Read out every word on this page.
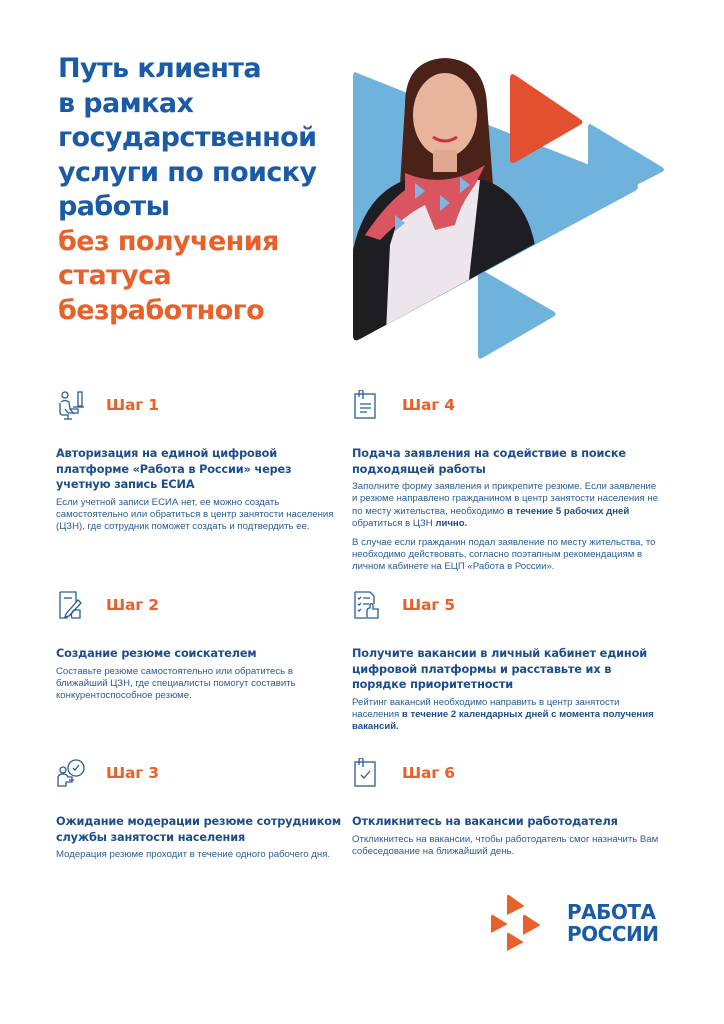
Путь клиента
в рамках
государственной
услуги по поиску
работы
без получения
статуса
безработного
Шаг 1
Авторизация на единой цифровой платформе «Работа в России» через учетную запись ЕСИА
Если учетной записи ЕСИА нет, ее можно создать самостоятельно или обратиться в центр занятости населения (ЦЗН), где сотрудник поможет создать и подтвердить ее.
Шаг 4
Подача заявления на содействие в поиске подходящей работы

Заполните форму заявления и прикрепите резюме. Если заявление и резюме направлено гражданином в центр занятости населения не по месту жительства, необходимо в течение 5 рабочих дней обратиться в ЦЗН лично.

В случае если гражданин подал заявление по месту жительства, то необходимо действовать, согласно поэтапным рекомендациям в личном кабинете на ЕЦП «Работа в России».

Шаг 2
Создание резюме соискателем
Составьте резюме самостоятельно или обратитесь в ближайший ЦЗН, где специалисты помогут составить конкурентоспособное резюме.
Шаг 5
Получите вакансии в личный кабинет единой цифровой платформы и расставьте их в порядке приоритетности
Рейтинг вакансий необходимо направить в центр занятости населения в течение 2 календарных дней с момента получения вакансий.
Шаг 3
Ожидание модерации резюме сотрудником службы занятости населения
Модерация резюме проходит в течение одного рабочего дня.
Шаг 6
Откликнитесь на вакансии работодателя
Откликнитесь на вакансии, чтобы работодатель смог назначить Вам собеседование на ближайший день.
РАБОТА
РОССИИ
